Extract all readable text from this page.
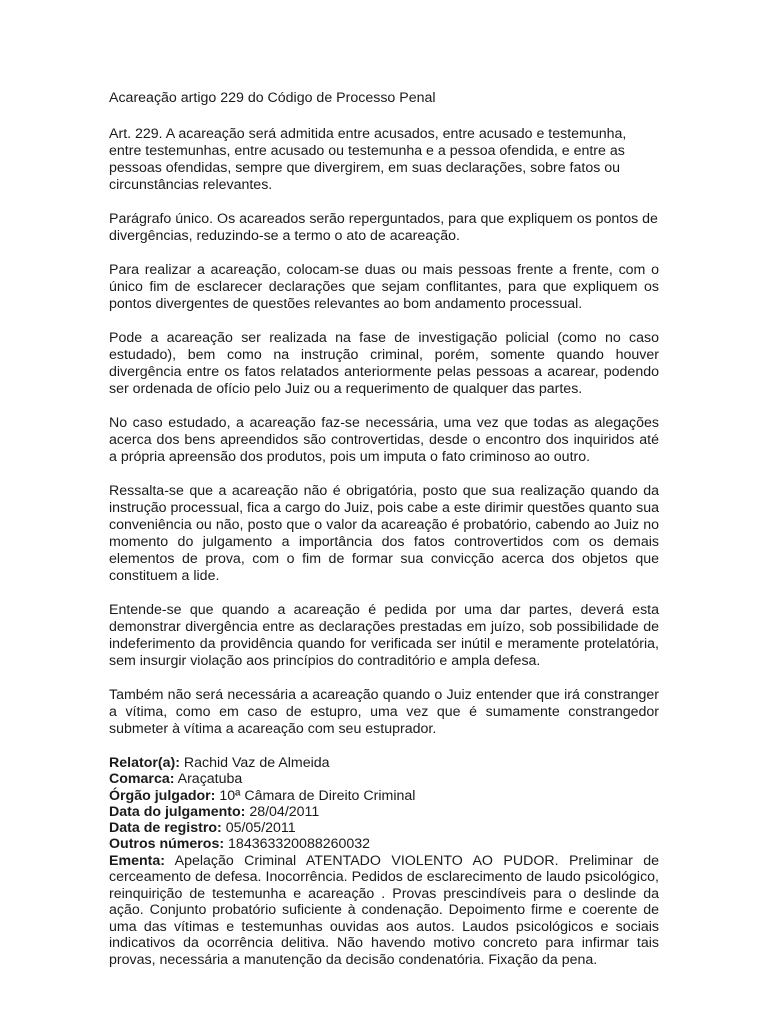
Acareação artigo 229 do Código de Processo Penal

Art. 229. A acareação será admitida entre acusados, entre acusado e testemunha, entre testemunhas, entre acusado ou testemunha e a pessoa ofendida, e entre as pessoas ofendidas, sempre que divergirem, em suas declarações, sobre fatos ou circunstâncias relevantes.

Parágrafo único. Os acareados serão reperguntados, para que expliquem os pontos de divergências, reduzindo-se a termo o ato de acareação.

Para realizar a acareação, colocam-se duas ou mais pessoas frente a frente, com o único fim de esclarecer declarações que sejam conflitantes, para que expliquem os pontos divergentes de questões relevantes ao bom andamento processual.

Pode a acareação ser realizada na fase de investigação policial (como no caso estudado), bem como na instrução criminal, porém, somente quando houver divergência entre os fatos relatados anteriormente pelas pessoas a acarear, podendo ser ordenada de ofício pelo Juiz ou a requerimento de qualquer das partes.

No caso estudado, a acareação faz-se necessária, uma vez que todas as alegações acerca dos bens apreendidos são controvertidas, desde o encontro dos inquiridos até a própria apreensão dos produtos, pois um imputa o fato criminoso ao outro.

Ressalta-se que a acareação não é obrigatória, posto que sua realização quando da instrução processual, fica a cargo do Juiz, pois cabe a este dirimir questões quanto sua conveniência ou não, posto que o valor da acareação é probatório, cabendo ao Juiz no momento do julgamento a importância dos fatos controvertidos com os demais elementos de prova, com o fim de formar sua convicção acerca dos objetos que constituem a lide.

Entende-se que quando a acareação é pedida por uma dar partes, deverá esta demonstrar divergência entre as declarações prestadas em juízo, sob possibilidade de indeferimento da providência quando for verificada ser inútil e meramente protelatória, sem insurgir violação aos princípios do contraditório e ampla defesa.

Também não será necessária a acareação quando o Juiz entender que irá constranger a vítima, como em caso de estupro, uma vez que é sumamente constrangedor submeter à vítima a acareação com seu estuprador.

Relator(a): Rachid Vaz de Almeida
Comarca: Araçatuba
Órgão julgador: 10ª Câmara de Direito Criminal
Data do julgamento: 28/04/2011
Data de registro: 05/05/2011
Outros números: 18436332008826003​2
Ementa: Apelação Criminal ATENTADO VIOLENTO AO PUDOR. Preliminar de cerceamento de defesa. Inocorrência. Pedidos de esclarecimento de laudo psicológico, reinquirição de testemunha e acareação . Provas prescindíveis para o deslinde da ação. Conjunto probatório suficiente à condenação. Depoimento firme e coerente de uma das vítimas e testemunhas ouvidas aos autos. Laudos psicológicos e sociais indicativos da ocorrência delitiva. Não havendo motivo concreto para infirmar tais provas, necessária a manutenção da decisão condenatória. Fixação da pena.
